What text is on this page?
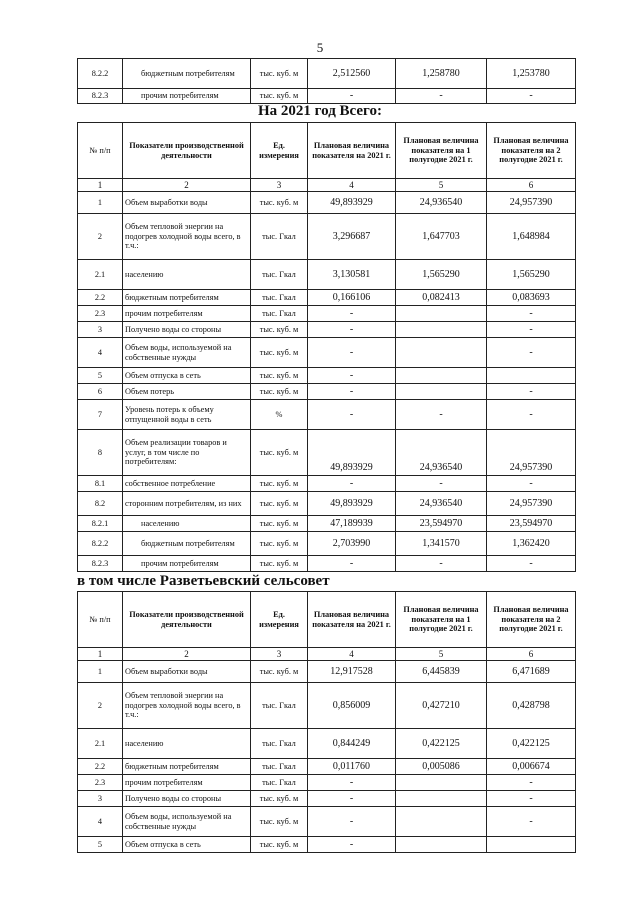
5
8.2.2	бюджетным потребителям	тыс. куб. м	2,512560	1,258780	1,253780
8.2.3	прочим потребителям	тыс. куб. м	-	-	-
На 2021 год Всего:
№ п/п	Показатели производственной деятельности	Ед. измерения	Плановая величина показателя на 2021 г.	Плановая величина показателя на 1 полугодие 2021 г.	Плановая величина показателя на 2 полугодие 2021 г.
1	2	3	4	5	6
1	Объем выработки воды	тыс. куб. м	49,893929	24,936540	24,957390
2	Объем тепловой энергии на подогрев холодной воды всего, в т.ч.:	тыс. Гкал	3,296687	1,647703	1,648984
2.1	населению	тыс. Гкал	3,130581	1,565290	1,565290
2.2	бюджетным потребителям	тыс. Гкал	0,166106	0,082413	0,083693
2.3	прочим потребителям	тыс. Гкал	-		-
3	Получено воды со стороны	тыс. куб. м	-		-
4	Объем воды, используемой на собственные нужды	тыс. куб. м	-		-
5	Объем отпуска в сеть	тыс. куб. м	-		
6	Объем потерь	тыс. куб. м	-		-
7	Уровень потерь к объему отпущенной воды в сеть	%	-	-	-
8	Объем реализации товаров и услуг, в том числе по потребителям:	тыс. куб. м	49,893929	24,936540	24,957390
8.1	собственное потребление	тыс. куб. м	-	-	-
8.2	сторонним потребителям, из них	тыс. куб. м	49,893929	24,936540	24,957390
8.2.1	населению	тыс. куб. м	47,189939	23,594970	23,594970
8.2.2	бюджетным потребителям	тыс. куб. м	2,703990	1,341570	1,362420
8.2.3	прочим потребителям	тыс. куб. м	-	-	-
в том числе Разветьевский сельсовет
№ п/п	Показатели производственной деятельности	Ед. измерения	Плановая величина показателя на 2021 г.	Плановая величина показателя на 1 полугодие 2021 г.	Плановая величина показателя на 2 полугодие 2021 г.
1	2	3	4	5	6
1	Объем выработки воды	тыс. куб. м	12,917528	6,445839	6,471689
2	Объем тепловой энергии на подогрев холодной воды всего, в т.ч.:	тыс. Гкал	0,856009	0,427210	0,428798
2.1	населению	тыс. Гкал	0,844249	0,422125	0,422125
2.2	бюджетным потребителям	тыс. Гкал	0,011760	0,005086	0,006674
2.3	прочим потребителям	тыс. Гкал	-		-
3	Получено воды со стороны	тыс. куб. м	-		-
4	Объем воды, используемой на собственные нужды	тыс. куб. м	-		-
5	Объем отпуска в сеть	тыс. куб. м	-		
